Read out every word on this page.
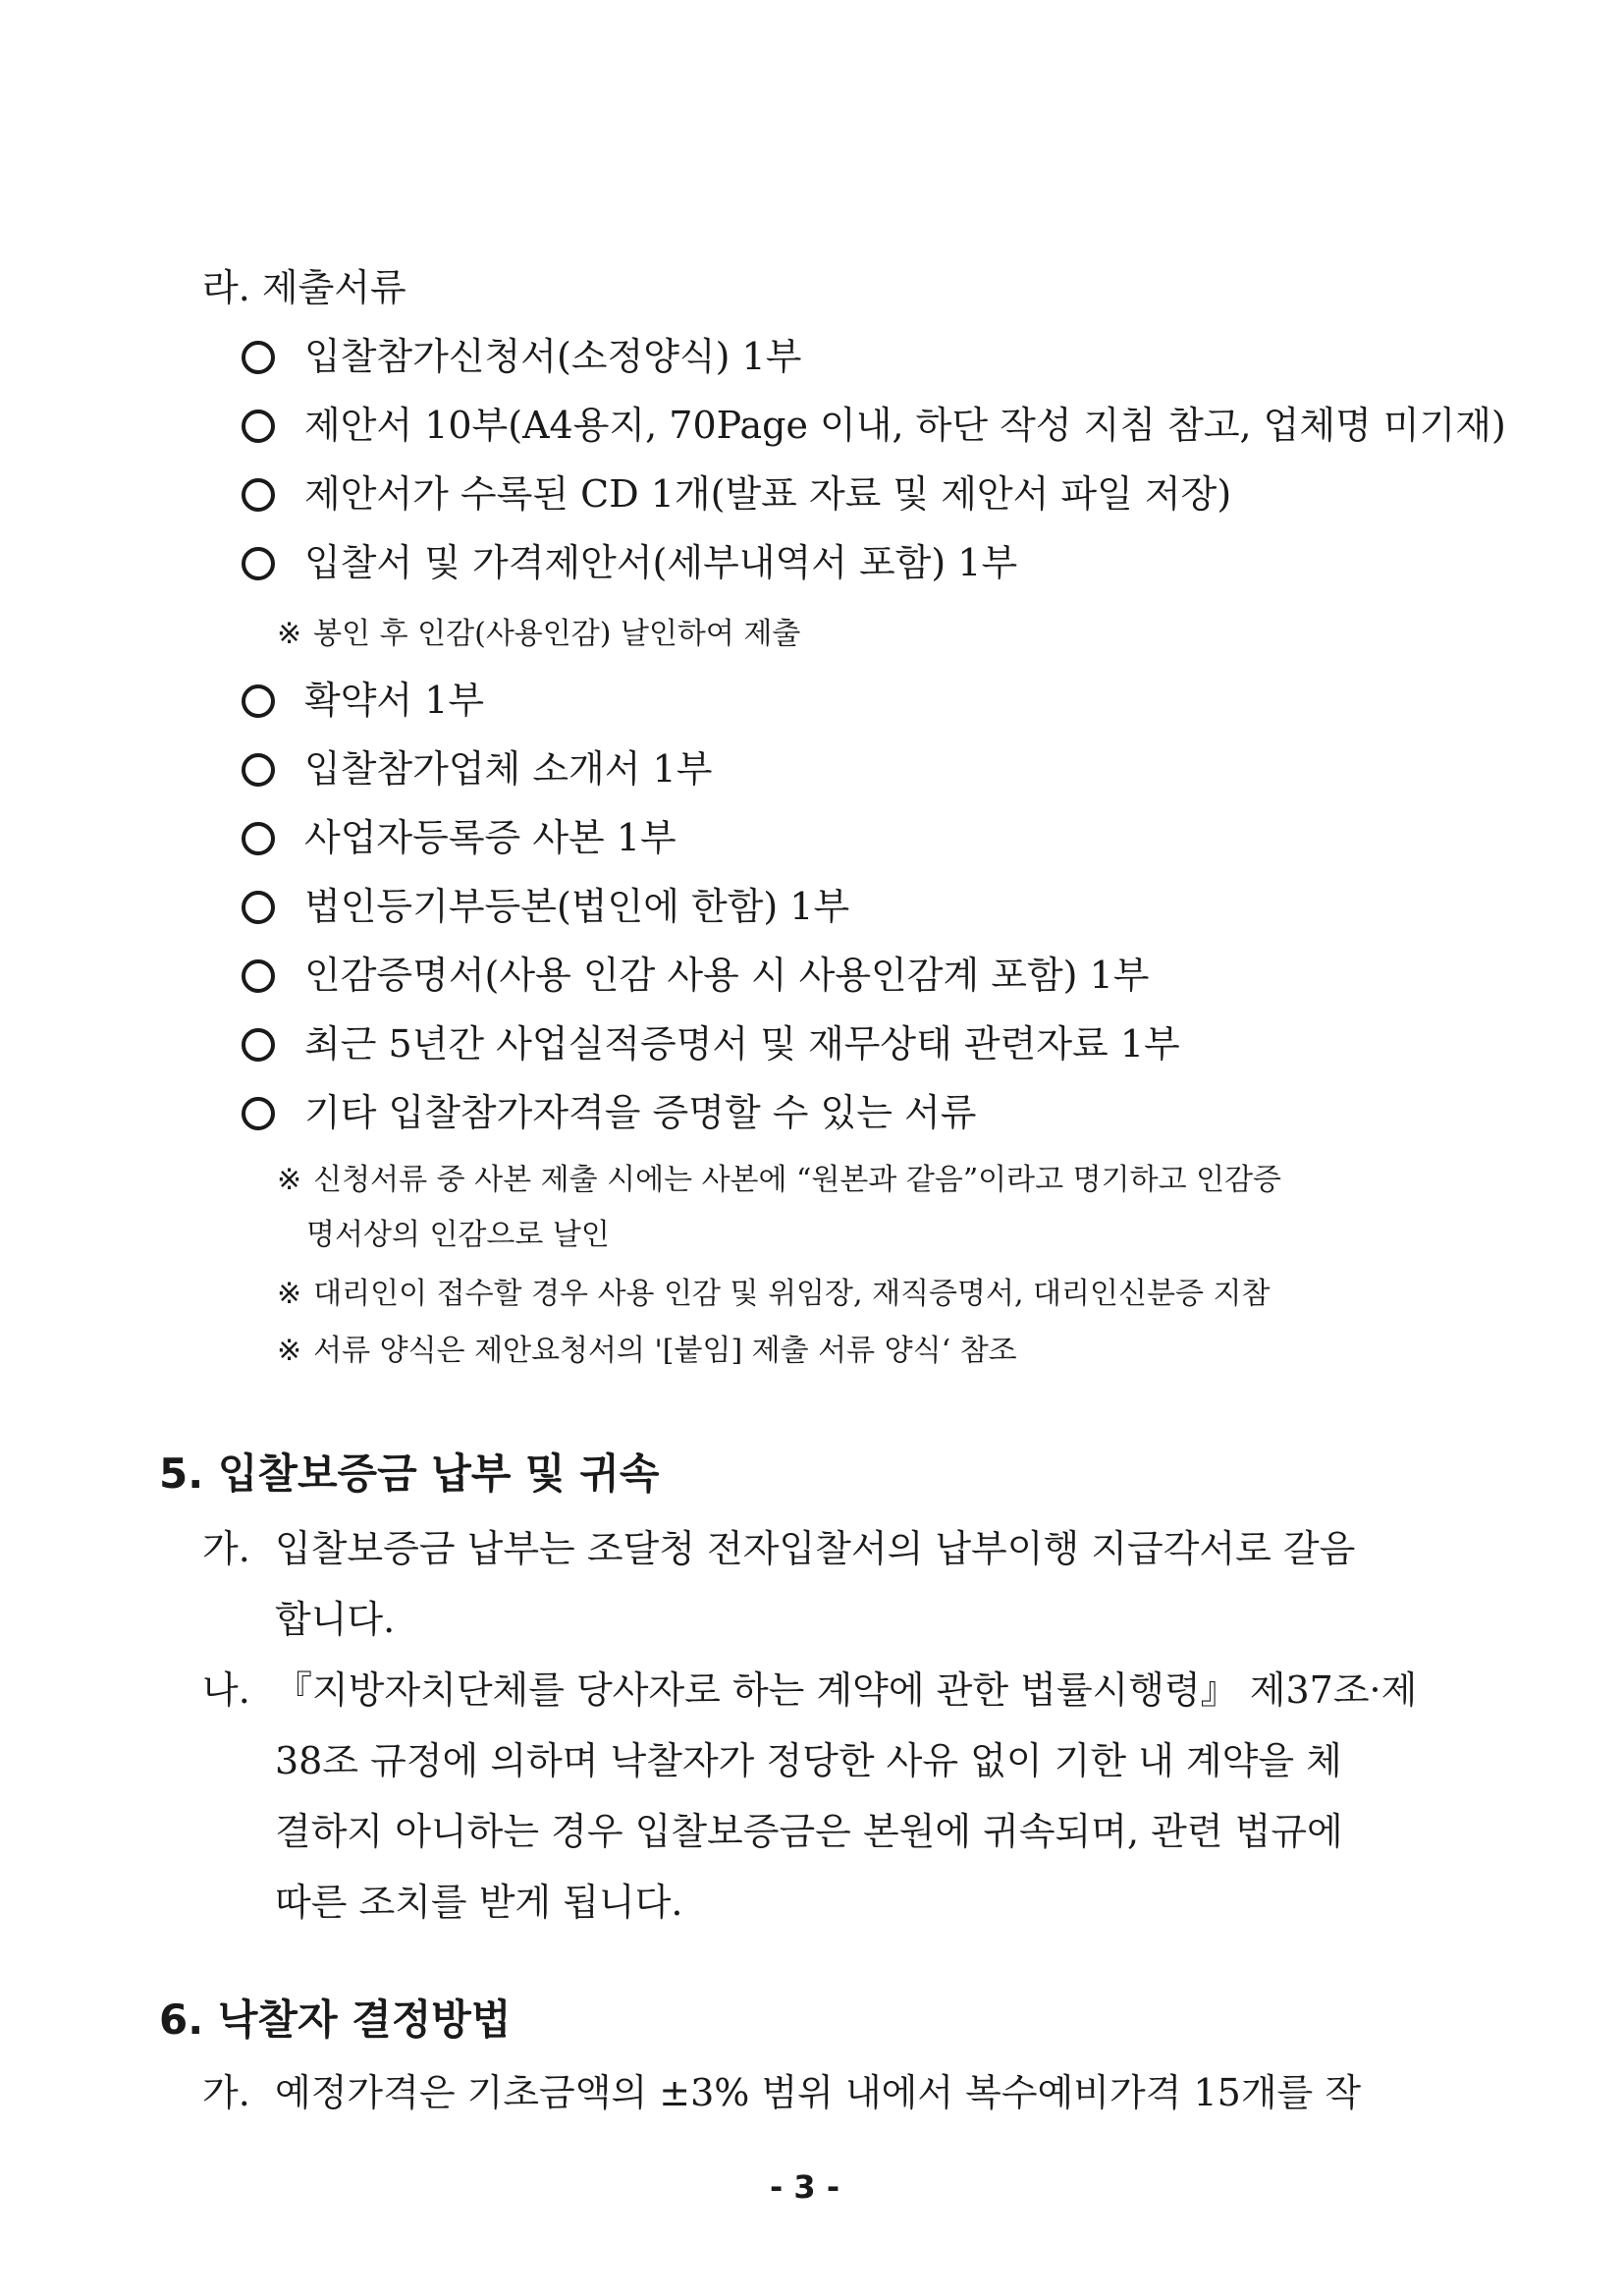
라. 제출서류
입찰참가신청서(소정양식) 1부
제안서 10부(A4용지, 70Page 이내, 하단 작성 지침 참고, 업체명 미기재)
제안서가 수록된 CD 1개(발표 자료 및 제안서 파일 저장)
입찰서 및 가격제안서(세부내역서 포함) 1부
※ 봉인 후 인감(사용인감) 날인하여 제출
확약서 1부
입찰참가업체 소개서 1부
사업자등록증 사본 1부
법인등기부등본(법인에 한함) 1부
인감증명서(사용 인감 사용 시 사용인감계 포함) 1부
최근 5년간 사업실적증명서 및 재무상태 관련자료 1부
기타 입찰참가자격을 증명할 수 있는 서류
※ 신청서류 중 사본 제출 시에는 사본에 “원본과 같음”이라고 명기하고 인감증
명서상의 인감으로 날인
※ 대리인이 접수할 경우 사용 인감 및 위임장, 재직증명서, 대리인신분증 지참
※ 서류 양식은 제안요청서의 '[붙임] 제출 서류 양식‘ 참조
5. 입찰보증금 납부 및 귀속
가. 입찰보증금 납부는 조달청 전자입찰서의 납부이행 지급각서로 갈음
합니다.
나. 『지방자치단체를 당사자로 하는 계약에 관한 법률시행령』 제37조·제
38조 규정에 의하며 낙찰자가 정당한 사유 없이 기한 내 계약을 체
결하지 아니하는 경우 입찰보증금은 본원에 귀속되며, 관련 법규에
따른 조치를 받게 됩니다.
6. 낙찰자 결정방법
가. 예정가격은 기초금액의 ±3% 범위 내에서 복수예비가격 15개를 작
- 3 -
